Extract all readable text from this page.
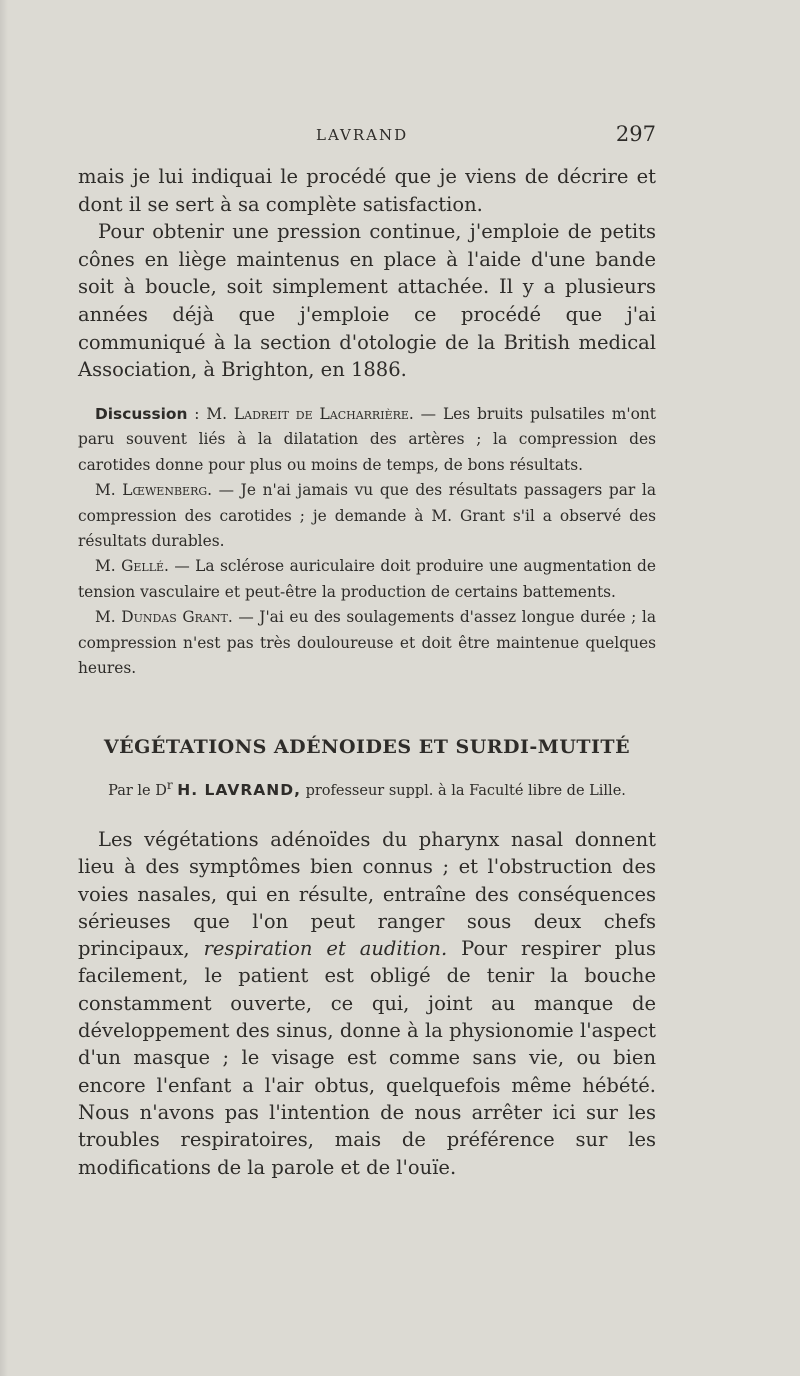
LAVRAND	297

mais je lui indiquai le procédé que je viens de décrire et dont il se sert à sa complète satisfaction.

Pour obtenir une pression continue, j'emploie de petits cônes en liège maintenus en place à l'aide d'une bande soit à boucle, soit simplement attachée. Il y a plusieurs années déjà que j'emploie ce procédé que j'ai communiqué à la section d'otologie de la British medical Association, à Brighton, en 1886.

Discussion : M. Ladreit de Lacharrière. — Les bruits pulsatiles m'ont paru souvent liés à la dilatation des artères ; la compression des carotides donne pour plus ou moins de temps, de bons résultats.

M. Lœwenberg. — Je n'ai jamais vu que des résultats passagers par la compression des carotides ; je demande à M. Grant s'il a observé des résultats durables.

M. Gellé. — La sclérose auriculaire doit produire une augmentation de tension vasculaire et peut-être la production de certains battements.

M. Dundas Grant. — J'ai eu des soulagements d'assez longue durée ; la compression n'est pas très douloureuse et doit être maintenue quelques heures.

VÉGÉTATIONS ADÉNOIDES ET SURDI-MUTITÉ

Par le $D^r$ H. LAVRAND, professeur suppl. à la Faculté libre de Lille.

Les végétations adénoïdes du pharynx nasal donnent lieu à des symptômes bien connus ; et l'obstruction des voies nasales, qui en résulte, entraîne des conséquences sérieuses que l'on peut ranger sous deux chefs principaux, respiration et audition. Pour respirer plus facilement, le patient est obligé de tenir la bouche constamment ouverte, ce qui, joint au manque de développement des sinus, donne à la physionomie l'aspect d'un masque ; le visage est comme sans vie, ou bien encore l'enfant a l'air obtus, quelquefois même hébété. Nous n'avons pas l'intention de nous arrêter ici sur les troubles respiratoires, mais de préférence sur les modifications de la parole et de l'ouïe.
